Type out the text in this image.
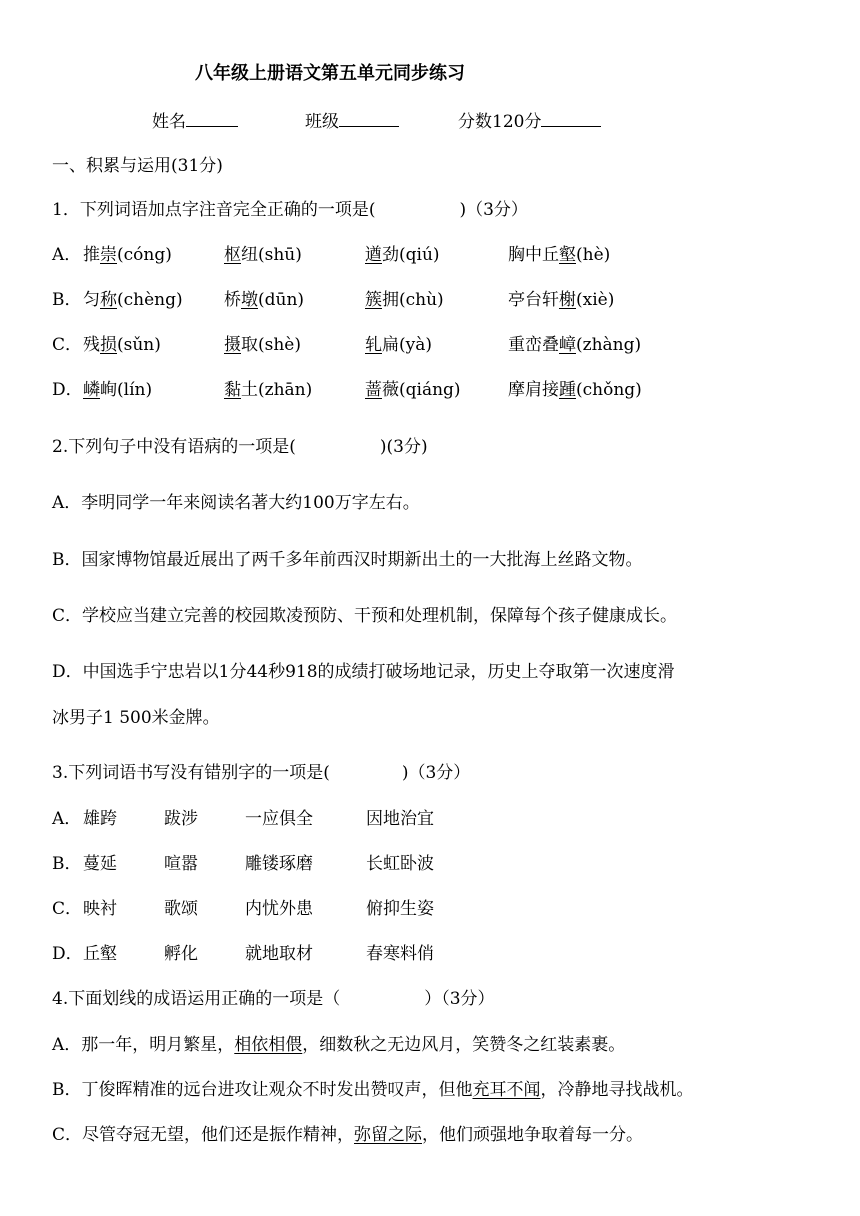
八年级上册语文第五单元同步练习
姓名	班级	分数120分
一、积累与运用(31分)
1．下列词语加点字注音完全正确的一项是(	)（3分）
A． 推崇(cóng)	枢纽(shū)	遒劲(qiú)	胸中丘壑(hè)
B． 匀称(chèng) 桥墩(dūn)	簇拥(chù)	亭台轩榭(xiè)
C． 残损(sǔn)	摄取(shè)	轧扁(yà)	重峦叠嶂(zhàng)
D． 嶙峋(lín)	黏土(zhān)	蔷薇(qiáng)	摩肩接踵(chǒng)
2.下列句子中没有语病的一项是(	)(3分)
A．李明同学一年来阅读名著大约100万字左右。
B．国家博物馆最近展出了两千多年前西汉时期新出土的一大批海上丝路文物。
C．学校应当建立完善的校园欺凌预防、干预和处理机制，保障每个孩子健康成长。
D．中国选手宁忠岩以1分44秒918的成绩打破场地记录，历史上夺取第一次速度滑
冰男子1 500米金牌。
3.下列词语书写没有错别字的一项是(	)（3分）
A． 雄跨	跋涉	一应俱全	因地治宜
B． 蔓延	喧嚣	雕镂琢磨	长虹卧波
C． 映衬	歌颂	内忧外患	俯抑生姿
D． 丘壑	孵化	就地取材	春寒料俏
4.下面划线的成语运用正确的一项是（	）（3分）
A．那一年，明月繁星，相依相偎，细数秋之无边风月，笑赞冬之红装素裹。
B．丁俊晖精准的远台进攻让观众不时发出赞叹声，但他充耳不闻，冷静地寻找战机。
C．尽管夺冠无望，他们还是振作精神，弥留之际，他们顽强地争取着每一分。
